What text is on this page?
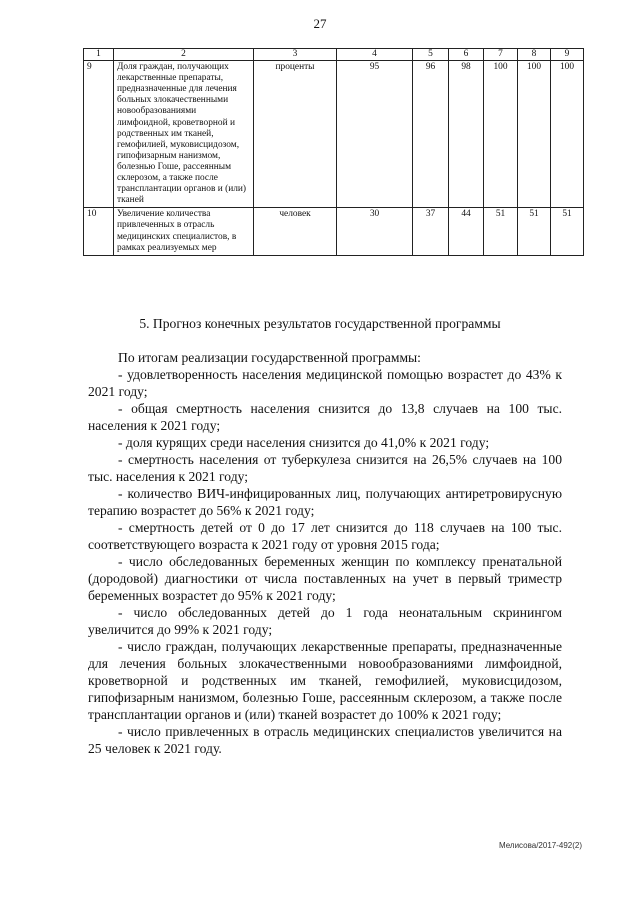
27
1	2	3	4	5	6	7	8	9
9	Доля граждан, получающих лекарственные препараты, предназначенные для лечения больных злокачественными новообразованиями лимфоидной, кроветворной и родственных им тканей, гемофилией, муковисцидозом, гипофизарным нанизмом, болезнью Гоше, рассеянным склерозом, а также после трансплантации органов и (или) тканей	проценты	95	96	98	100	100	100
10	Увеличение количества привлеченных в отрасль медицинских специалистов, в рамках реализуемых мер	человек	30	37	44	51	51	51
5. Прогноз конечных результатов государственной программы

По итогам реализации государственной программы:

- удовлетворенность населения медицинской помощью возрастет до 43% к 2021 году;

- общая смертность населения снизится до 13,8 случаев на 100 тыс. населения к 2021 году;

- доля курящих среди населения снизится до 41,0% к 2021 году;

- смертность населения от туберкулеза снизится на 26,5% случаев на 100 тыс. населения к 2021 году;

- количество ВИЧ-инфицированных лиц, получающих антиретровирусную терапию возрастет до 56% к 2021 году;

- смертность детей от 0 до 17 лет снизится до 118 случаев на 100 тыс. соответствующего возраста к 2021 году от уровня 2015 года;

- число обследованных беременных женщин по комплексу пренатальной (дородовой) диагностики от числа поставленных на учет в первый триместр беременных возрастет до 95% к 2021 году;

- число обследованных детей до 1 года неонатальным скринингом увеличится до 99% к 2021 году;

- число граждан, получающих лекарственные препараты, предназначенные для лечения больных злокачественными новообразованиями лимфоидной, кроветворной и родственных им тканей, гемофилией, муковисцидозом, гипофизарным нанизмом, болезнью Гоше, рассеянным склерозом, а также после трансплантации органов и (или) тканей возрастет до 100% к 2021 году;

- число привлеченных в отрасль медицинских специалистов увеличится на 25 человек к 2021 году.

Мелисова/2017-492(2)
